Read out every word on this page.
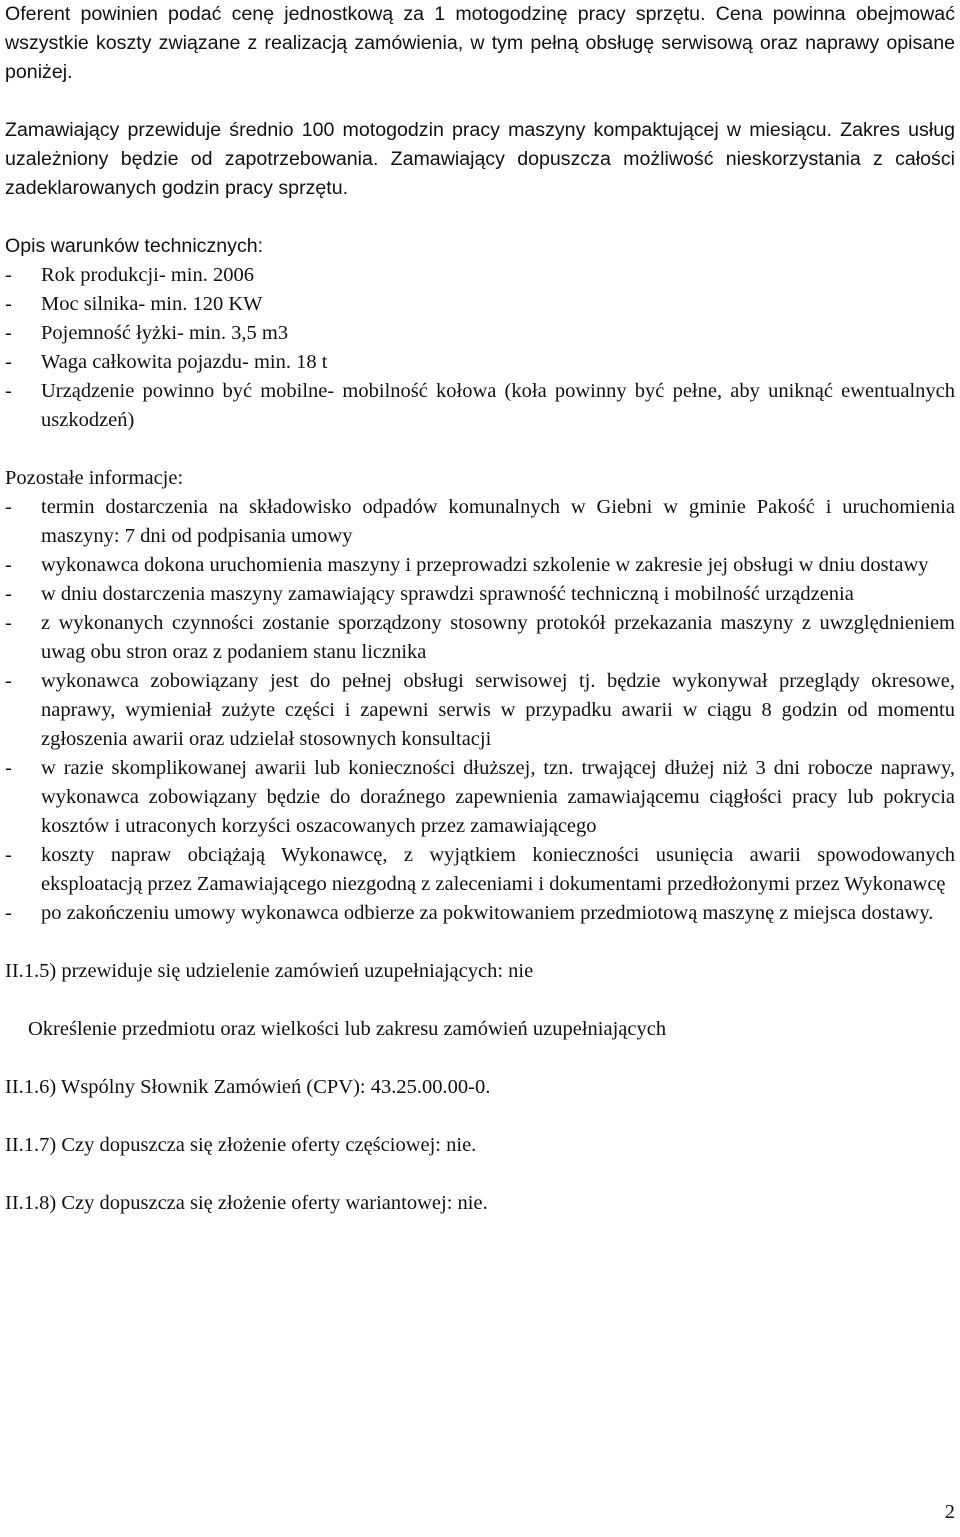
Oferent powinien podać cenę jednostkową za 1 motogodzinę pracy sprzętu. Cena powinna obejmować wszystkie koszty związane z realizacją zamówienia, w tym pełną obsługę serwisową oraz naprawy opisane poniżej.

Zamawiający przewiduje średnio 100 motogodzin pracy maszyny kompaktującej w miesiącu. Zakres usług uzależniony będzie od zapotrzebowania. Zamawiający dopuszcza możliwość nieskorzystania z całości zadeklarowanych godzin pracy sprzętu.

Opis warunków technicznych:

- Rok produkcji- min. 2006
- Moc silnika- min. 120 KW
- Pojemność łyżki- min. 3,5 m3
- Waga całkowita pojazdu- min. 18 t
- Urządzenie powinno być mobilne- mobilność kołowa (koła powinny być pełne, aby uniknąć ewentualnych uszkodzeń)

Pozostałe informacje:

- termin dostarczenia na składowisko odpadów komunalnych w Giebni w gminie Pakość i uruchomienia maszyny: 7 dni od podpisania umowy
- wykonawca dokona uruchomienia maszyny i przeprowadzi szkolenie w zakresie jej obsługi w dniu dostawy
- w dniu dostarczenia maszyny zamawiający sprawdzi sprawność techniczną i mobilność urządzenia
- z wykonanych czynności zostanie sporządzony stosowny protokół przekazania maszyny z uwzględnieniem uwag obu stron oraz z podaniem stanu licznika
- wykonawca zobowiązany jest do pełnej obsługi serwisowej tj. będzie wykonywał przeglądy okresowe, naprawy, wymieniał zużyte części i zapewni serwis w przypadku awarii w ciągu 8 godzin od momentu zgłoszenia awarii oraz udzielał stosownych konsultacji
- w razie skomplikowanej awarii lub konieczności dłuższej, tzn. trwającej dłużej niż 3 dni robocze naprawy, wykonawca zobowiązany będzie do doraźnego zapewnienia zamawiającemu ciągłości pracy lub pokrycia kosztów i utraconych korzyści oszacowanych przez zamawiającego
- koszty napraw obciążają Wykonawcę, z wyjątkiem konieczności usunięcia awarii spowodowanych eksploatacją przez Zamawiającego niezgodną z zaleceniami i dokumentami przedłożonymi przez Wykonawcę
- po zakończeniu umowy wykonawca odbierze za pokwitowaniem przedmiotową maszynę z miejsca dostawy.

II.1.5) przewiduje się udzielenie zamówień uzupełniających: nie

Określenie przedmiotu oraz wielkości lub zakresu zamówień uzupełniających

II.1.6) Wspólny Słownik Zamówień (CPV): 43.25.00.00-0.

II.1.7) Czy dopuszcza się złożenie oferty częściowej: nie.

II.1.8) Czy dopuszcza się złożenie oferty wariantowej: nie.

2
